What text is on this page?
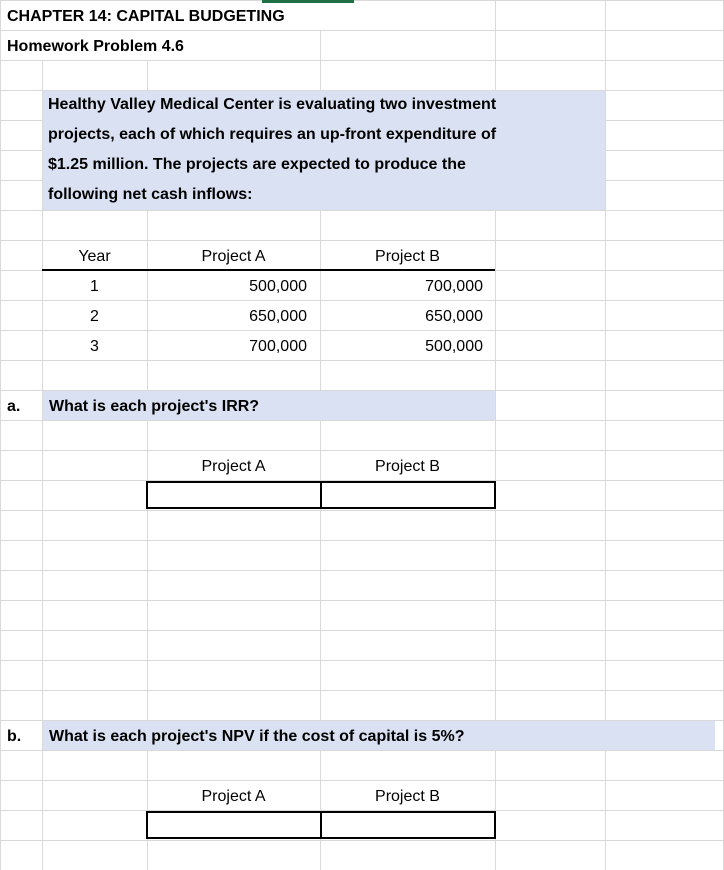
CHAPTER 14: CAPITAL BUDGETING
Homework Problem 4.6
Healthy Valley Medical Center is evaluating two investment
projects, each of which requires an up-front expenditure of
$1.25 million. The projects are expected to produce the
following net cash inflows:
Year	Project A	Project B
1	500,000	700,000
2	650,000	650,000
3	700,000	500,000
a. What is each project's IRR?
Project A	Project B
b. What is each project's NPV if the cost of capital is 5%?
Project A	Project B
